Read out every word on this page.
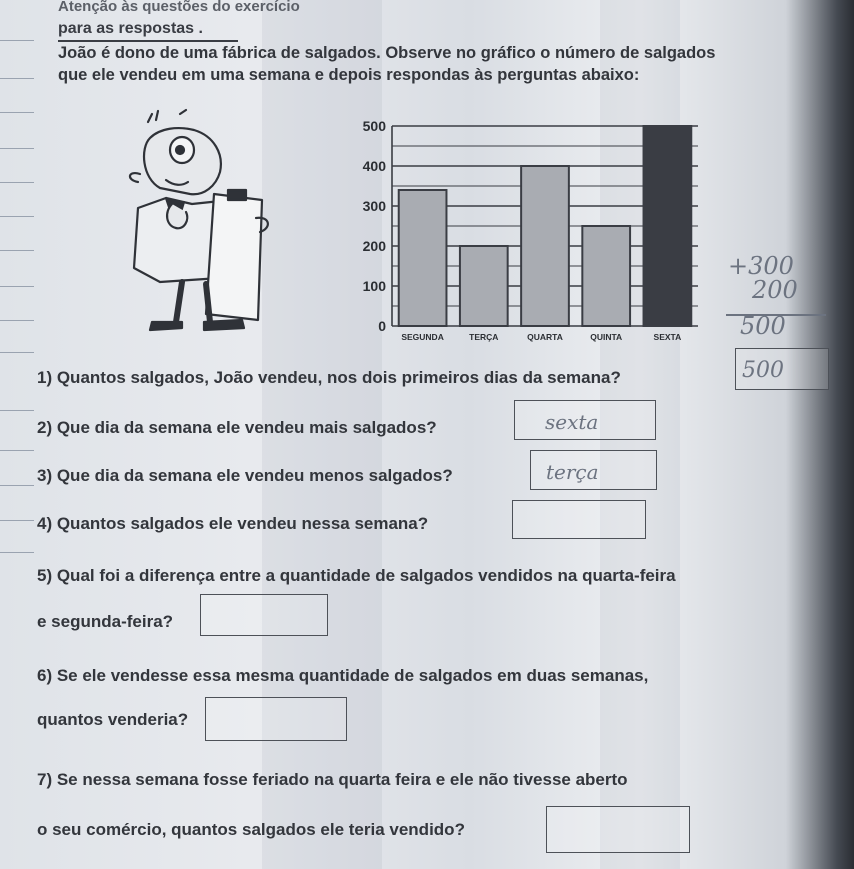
Atenção às questões do exercício
para as respostas .
João é dono de uma fábrica de salgados. Observe no gráfico o número de salgados
que ele vendeu em uma semana e depois respondas às perguntas abaixo:
0
100
200
300
400
500
SEGUNDA	TERÇA	QUARTA	QUINTA	SEXTA
+300
200
500
1) Quantos salgados, João vendeu, nos dois primeiros dias da semana?	500
2) Que dia da semana ele vendeu mais salgados?	sexta
3) Que dia da semana ele vendeu menos salgados?	terça
4) Quantos salgados ele vendeu nessa semana?
5) Qual foi a diferença entre a quantidade de salgados vendidos na quarta-feira
e segunda-feira?
6) Se ele vendesse essa mesma quantidade de salgados em duas semanas,
quantos venderia?
7) Se nessa semana fosse feriado na quarta feira e ele não tivesse aberto
o seu comércio, quantos salgados ele teria vendido?
